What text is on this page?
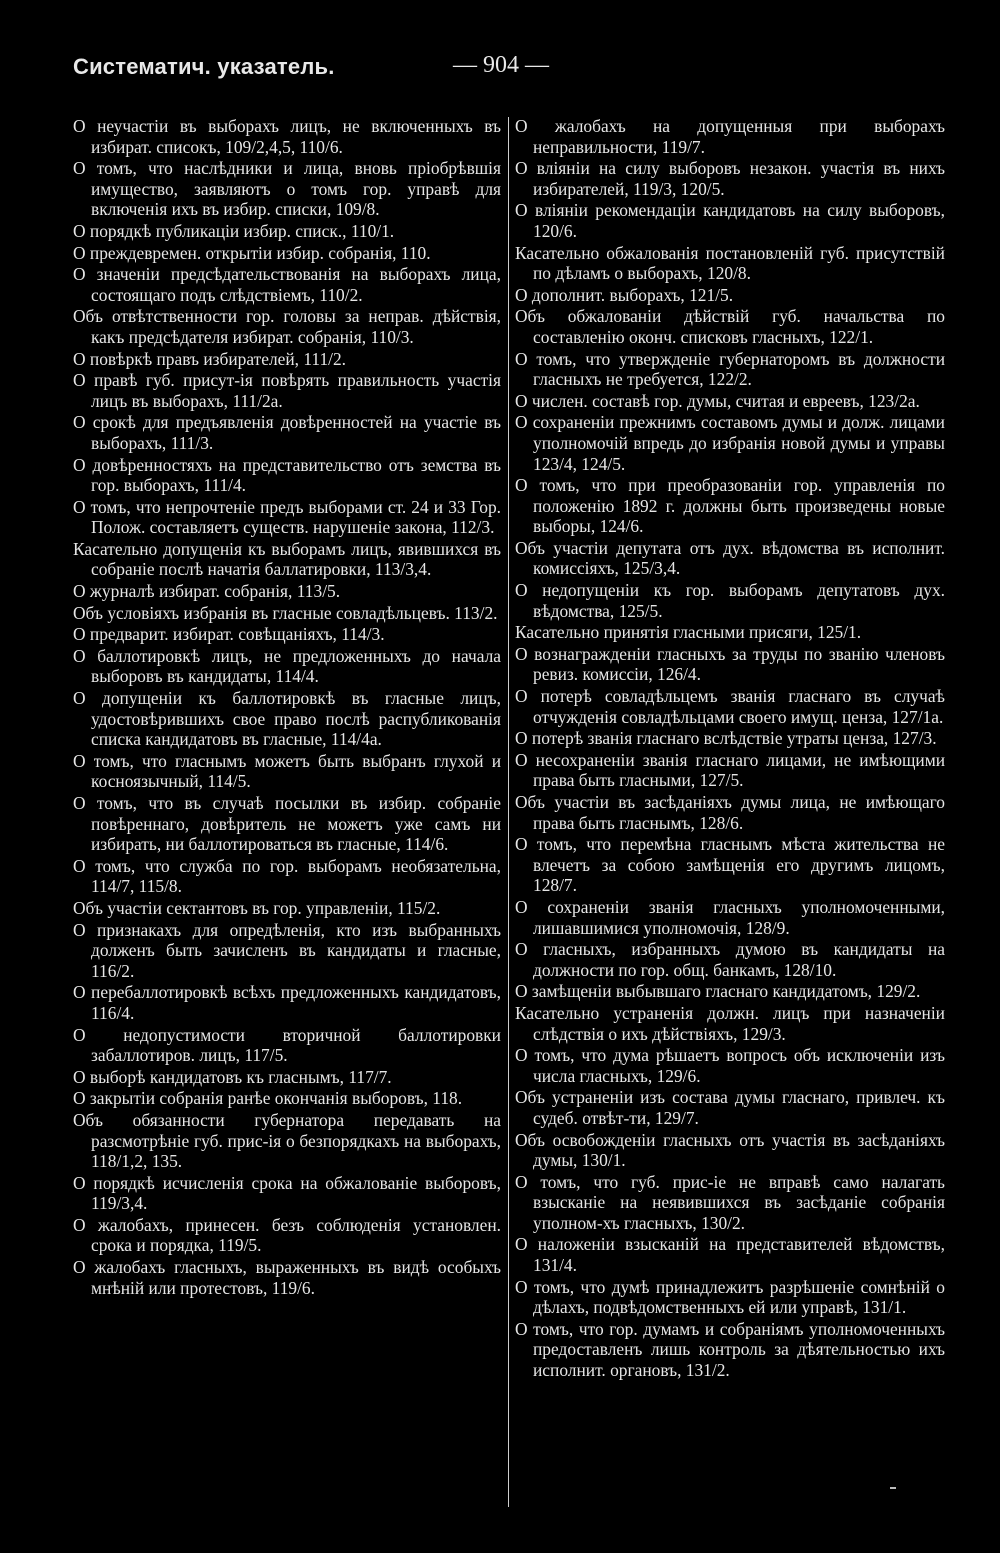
Систематич. указатель.	— 904 —
О неучастіи въ выборахъ лицъ, не включенныхъ въ избират. списокъ, 109/2,4,5, 110/6.
О томъ, что наслѣдники и лица, вновь пріобрѣвшія имущество, заявляютъ о томъ гор. управѣ для включенія ихъ въ избир. списки, 109/8.
О порядкѣ публикаціи избир. списк., 110/1.
О преждевремен. открытіи избир. собранія, 110.
О значеніи предсѣдательствованія на выборахъ лица, состоящаго подъ слѣдствіемъ, 110/2.
Объ отвѣтственности гор. головы за неправ. дѣйствія, какъ предсѣдателя избират. собранія, 110/3.
О повѣркѣ правъ избирателей, 111/2.
О правѣ губ. присут-ія повѣрять правильность участія лицъ въ выборахъ, 111/2а.
О срокѣ для предъявленія довѣренностей на участіе въ выборахъ, 111/3.
О довѣренностяхъ на представительство отъ земства въ гор. выборахъ, 111/4.
О томъ, что непрочтеніе предъ выборами ст. 24 и 33 Гор. Полож. составляетъ существ. нарушеніе закона, 112/3.
Касательно допущенія къ выборамъ лицъ, явившихся въ собраніе послѣ начатія баллатировки, 113/3,4.
О журналѣ избират. собранія, 113/5.
Объ условіяхъ избранія въ гласные совладѣльцевъ. 113/2.
О предварит. избират. совѣщаніяхъ, 114/3.
О баллотировкѣ лицъ, не предложенныхъ до начала выборовъ въ кандидаты, 114/4.
О допущеніи къ баллотировкѣ въ гласные лицъ, удостовѣрившихъ свое право послѣ распубликованія списка кандидатовъ въ гласные, 114/4а.
О томъ, что гласнымъ можетъ быть выбранъ глухой и косноязычный, 114/5.
О томъ, что въ случаѣ посылки въ избир. собраніе повѣреннаго, довѣритель не можетъ уже самъ ни избирать, ни баллотироваться въ гласные, 114/6.
О томъ, что служба по гор. выборамъ необязательна, 114/7, 115/8.
Объ участіи сектантовъ въ гор. управленіи, 115/2.
О признакахъ для опредѣленія, кто изъ выбранныхъ долженъ быть зачисленъ въ кандидаты и гласные, 116/2.
О перебаллотировкѣ всѣхъ предложенныхъ кандидатовъ, 116/4.
О недопустимости вторичной баллотировки забаллотиров. лицъ, 117/5.
О выборѣ кандидатовъ къ гласнымъ, 117/7.
О закрытіи собранія ранѣе окончанія выборовъ, 118.
Объ обязанности губернатора передавать на разсмотрѣніе губ. прис-ія о безпорядкахъ на выборахъ, 118/1,2, 135.
О порядкѣ исчисленія срока на обжалованіе выборовъ, 119/3,4.
О жалобахъ, принесен. безъ соблюденія установлен. срока и порядка, 119/5.
О жалобахъ гласныхъ, выраженныхъ въ видѣ особыхъ мнѣній или протестовъ, 119/6.
О жалобахъ на допущенныя при выборахъ неправильности, 119/7.
О вліяніи на силу выборовъ незакон. участія въ нихъ избирателей, 119/3, 120/5.
О вліяніи рекомендаціи кандидатовъ на силу выборовъ, 120/6.
Касательно обжалованія постановленій губ. присутствій по дѣламъ о выборахъ, 120/8.
О дополнит. выборахъ, 121/5.
Объ обжалованіи дѣйствій губ. начальства по составленію оконч. списковъ гласныхъ, 122/1.
О томъ, что утвержденіе губернаторомъ въ должности гласныхъ не требуется, 122/2.
О числен. составѣ гор. думы, считая и евреевъ, 123/2а.
О сохраненіи прежнимъ составомъ думы и долж. лицами уполномочій впредь до избранія новой думы и управы 123/4, 124/5.
О томъ, что при преобразованіи гор. управленія по положенію 1892 г. должны быть произведены новые выборы, 124/6.
Объ участіи депутата отъ дух. вѣдомства въ исполнит. комиссіяхъ, 125/3,4.
О недопущеніи къ гор. выборамъ депутатовъ дух. вѣдомства, 125/5.
Касательно принятія гласными присяги, 125/1.
О вознагражденіи гласныхъ за труды по званію членовъ ревиз. комиссіи, 126/4.
О потерѣ совладѣльцемъ званія гласнаго въ случаѣ отчужденія совладѣльцами своего имущ. ценза, 127/1а.
О потерѣ званія гласнаго вслѣдствіе утраты ценза, 127/3.
О несохраненіи званія гласнаго лицами, не имѣющими права быть гласными, 127/5.
Объ участіи въ засѣданіяхъ думы лица, не имѣющаго права быть гласнымъ, 128/6.
О томъ, что перемѣна гласнымъ мѣста жительства не влечетъ за собою замѣщенія его другимъ лицомъ, 128/7.
О сохраненіи званія гласныхъ уполномоченными, лишавшимися уполномочія, 128/9.
О гласныхъ, избранныхъ думою въ кандидаты на должности по гор. общ. банкамъ, 128/10.
О замѣщеніи выбывшаго гласнаго кандидатомъ, 129/2.
Касательно устраненія должн. лицъ при назначеніи слѣдствія о ихъ дѣйствіяхъ, 129/3.
О томъ, что дума рѣшаетъ вопросъ объ исключеніи изъ числа гласныхъ, 129/6.
Объ устраненіи изъ состава думы гласнаго, привлеч. къ судеб. отвѣт-ти, 129/7.
Объ освобожденіи гласныхъ отъ участія въ засѣданіяхъ думы, 130/1.
О томъ, что губ. прис-іе не вправѣ само налагать взысканіе на неявившихся въ засѣданіе собранія уполном-хъ гласныхъ, 130/2.
О наложеніи взысканій на представителей вѣдомствъ, 131/4.
О томъ, что думѣ принадлежитъ разрѣшеніе сомнѣній о дѣлахъ, подвѣдомственныхъ ей или управѣ, 131/1.
О томъ, что гор. думамъ и собраніямъ уполномоченныхъ предоставленъ лишь контроль за дѣятельностью ихъ исполнит. органовъ, 131/2.
